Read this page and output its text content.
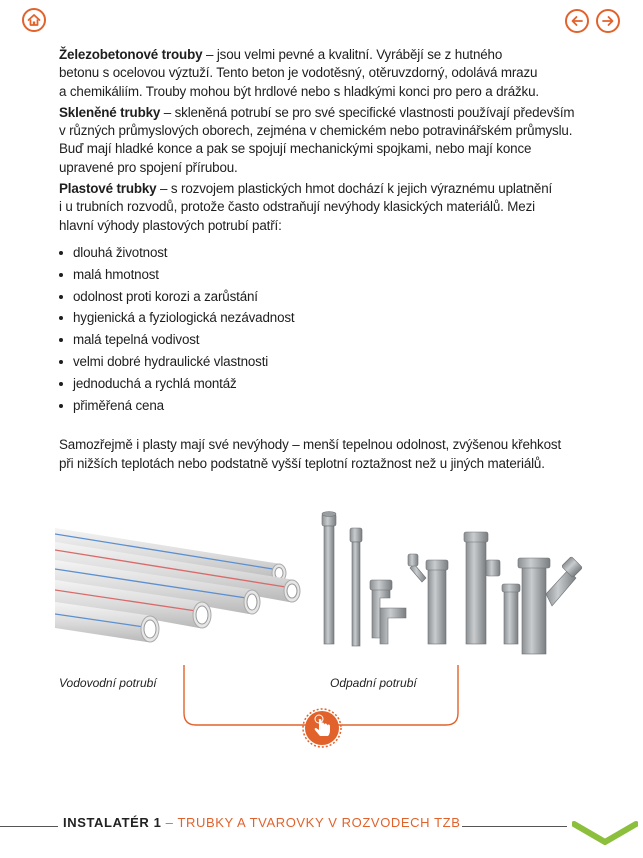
Železobetonové trouby – jsou velmi pevné a kvalitní. Vyrábějí se z hutného
betonu s ocelovou výztuží. Tento beton je vodotěsný, otěruvzdorný, odolává mrazu
a chemikáliím. Trouby mohou být hrdlové nebo s hladkými konci pro pero a drážku.

Skleněné trubky – skleněná potrubí se pro své specifické vlastnosti používají především
v různých průmyslových oborech, zejména v chemickém nebo potravinářském průmyslu.
Buď mají hladké konce a pak se spojují mechanickými spojkami, nebo mají konce
upravené pro spojení přírubou.

Plastové trubky – s rozvojem plastických hmot dochází k jejich výraznému uplatnění
i u trubních rozvodů, protože často odstraňují nevýhody klasických materiálů. Mezi
hlavní výhody plastových potrubí patří:

dlouhá životnost
malá hmotnost
odolnost proti korozi a zarůstání
hygienická a fyziologická nezávadnost
malá tepelná vodivost
velmi dobré hydraulické vlastnosti
jednoduchá a rychlá montáž
přiměřená cena

Samozřejmě i plasty mají své nevýhody – menší tepelnou odolnost, zvýšenou křehkost
při nižších teplotách nebo podstatně vyšší teplotní roztažnost než u jiných materiálů.

Vodovodní potrubí	Odpadní potrubí
INSTALATÉR 1 – TRUBKY A TVAROVKY V ROZVODECH TZB
